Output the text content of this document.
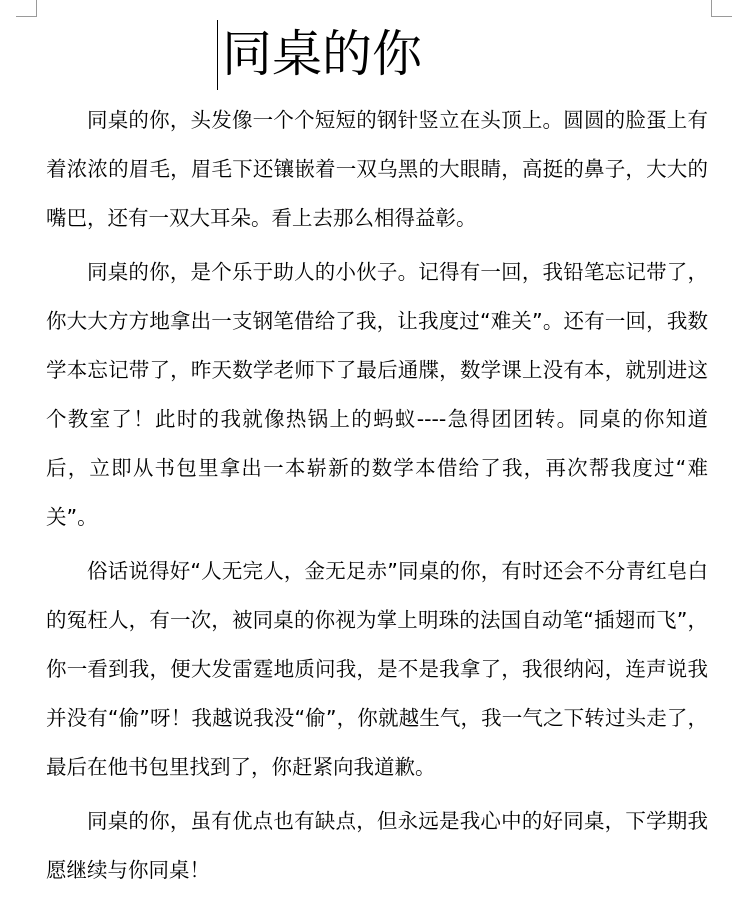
同桌的你

同桌的你，头发像一个个短短的钢针竖立在头顶上。圆圆的脸蛋上有着浓浓的眉毛，眉毛下还镶嵌着一双乌黑的大眼睛，高挺的鼻子，大大的嘴巴，还有一双大耳朵。看上去那么相得益彰。

同桌的你，是个乐于助人的小伙子。记得有一回，我铅笔忘记带了，你大大方方地拿出一支钢笔借给了我，让我度过“难关”。还有一回，我数学本忘记带了，昨天数学老师下了最后通牒，数学课上没有本，就别进这个教室了！此时的我就像热锅上的蚂蚁----急得团团转。同桌的你知道后，立即从书包里拿出一本崭新的数学本借给了我，再次帮我度过“难关”。

俗话说得好“人无完人，金无足赤”同桌的你，有时还会不分青红皂白的冤枉人，有一次，被同桌的你视为掌上明珠的法国自动笔“插翅而飞”，你一看到我，便大发雷霆地质问我，是不是我拿了，我很纳闷，连声说我并没有“偷”呀！我越说我没“偷”，你就越生气，我一气之下转过头走了，最后在他书包里找到了，你赶紧向我道歉。

同桌的你，虽有优点也有缺点，但永远是我心中的好同桌，下学期我愿继续与你同桌！
